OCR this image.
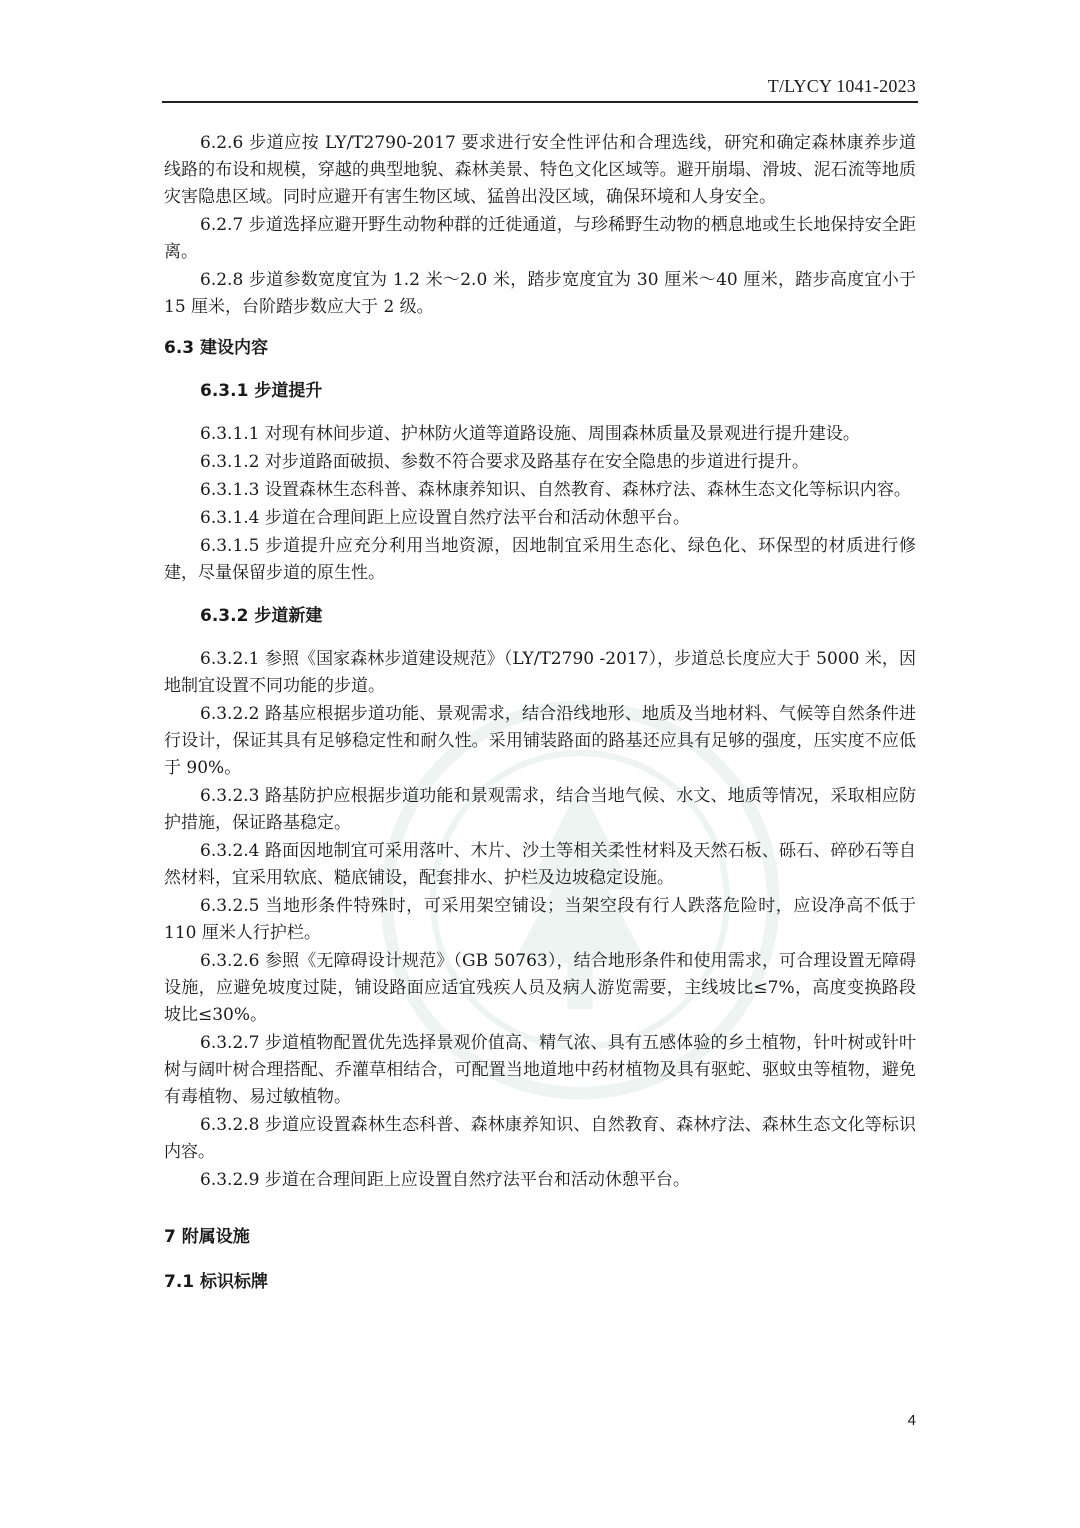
T/LYCY 1041-2023

6.2.6 步道应按 LY/T2790-2017 要求进行安全性评估和合理选线，研究和确定森林康养步道线路的布设和规模，穿越的典型地貌、森林美景、特色文化区域等。避开崩塌、滑坡、泥石流等地质灾害隐患区域。同时应避开有害生物区域、猛兽出没区域，确保环境和人身安全。

6.2.7 步道选择应避开野生动物种群的迁徙通道，与珍稀野生动物的栖息地或生长地保持安全距离。

6.2.8 步道参数宽度宜为 1.2 米～2.0 米，踏步宽度宜为 30 厘米～40 厘米，踏步高度宜小于 15 厘米，台阶踏步数应大于 2 级。

6.3 建设内容
6.3.1 步道提升

6.3.1.1 对现有林间步道、护林防火道等道路设施、周围森林质量及景观进行提升建设。

6.3.1.2 对步道路面破损、参数不符合要求及路基存在安全隐患的步道进行提升。

6.3.1.3 设置森林生态科普、森林康养知识、自然教育、森林疗法、森林生态文化等标识内容。

6.3.1.4 步道在合理间距上应设置自然疗法平台和活动休憩平台。

6.3.1.5 步道提升应充分利用当地资源，因地制宜采用生态化、绿色化、环保型的材质进行修建，尽量保留步道的原生性。

6.3.2 步道新建

6.3.2.1 参照《国家森林步道建设规范》（LY/T2790 -2017），步道总长度应大于 5000 米，因地制宜设置不同功能的步道。

6.3.2.2 路基应根据步道功能、景观需求，结合沿线地形、地质及当地材料、气候等自然条件进行设计，保证其具有足够稳定性和耐久性。采用铺装路面的路基还应具有足够的强度，压实度不应低于 90%。

6.3.2.3 路基防护应根据步道功能和景观需求，结合当地气候、水文、地质等情况，采取相应防护措施，保证路基稳定。

6.3.2.4 路面因地制宜可采用落叶、木片、沙土等相关柔性材料及天然石板、砾石、碎砂石等自然材料，宜采用软底、糙底铺设，配套排水、护栏及边坡稳定设施。

6.3.2.5 当地形条件特殊时，可采用架空铺设；当架空段有行人跌落危险时，应设净高不低于 110 厘米人行护栏。

6.3.2.6 参照《无障碍设计规范》（GB 50763），结合地形条件和使用需求，可合理设置无障碍设施，应避免坡度过陡，铺设路面应适宜残疾人员及病人游览需要，主线坡比≤7%，高度变换路段坡比≤30%。

6.3.2.7 步道植物配置优先选择景观价值高、精气浓、具有五感体验的乡土植物，针叶树或针叶树与阔叶树合理搭配、乔灌草相结合，可配置当地道地中药材植物及具有驱蛇、驱蚊虫等植物，避免有毒植物、易过敏植物。

6.3.2.8 步道应设置森林生态科普、森林康养知识、自然教育、森林疗法、森林生态文化等标识内容。

6.3.2.9 步道在合理间距上应设置自然疗法平台和活动休憩平台。

7 附属设施
7.1 标识标牌
4
